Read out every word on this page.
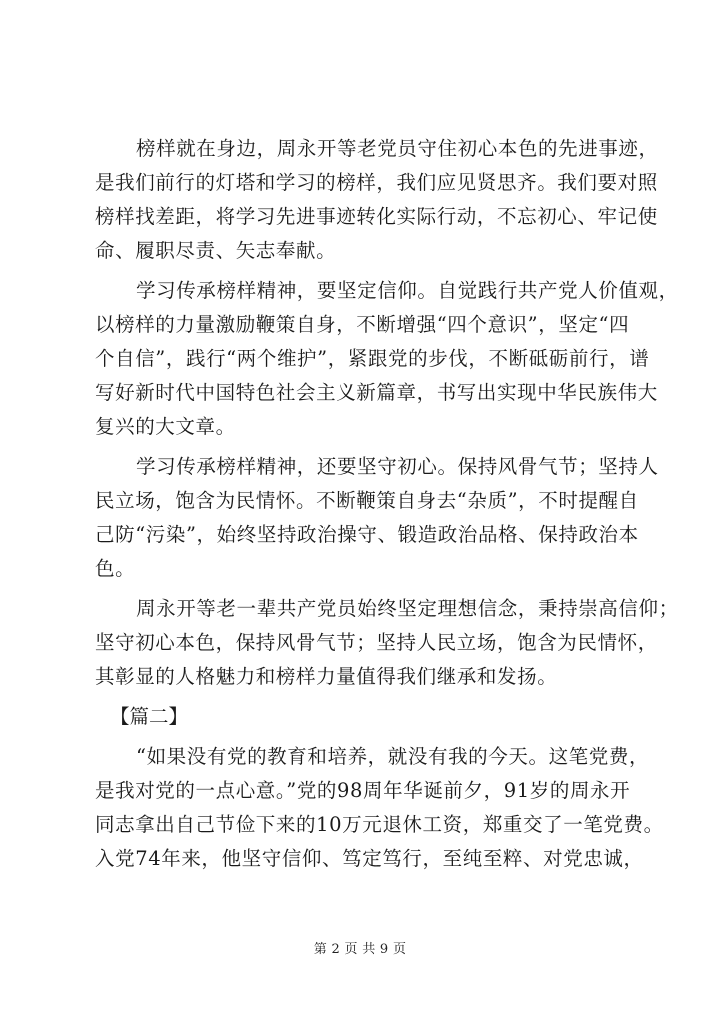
榜样就在身边，周永开等老党员守住初心本色的先进事迹，
是我们前行的灯塔和学习的榜样，我们应见贤思齐。我们要对照
榜样找差距，将学习先进事迹转化实际行动，不忘初心、牢记使
命、履职尽责、矢志奉献。
学习传承榜样精神，要坚定信仰。自觉践行共产党人价值观，
以榜样的力量激励鞭策自身，不断增强“四个意识”，坚定“四
个自信”，践行“两个维护”，紧跟党的步伐，不断砥砺前行，谱
写好新时代中国特色社会主义新篇章，书写出实现中华民族伟大
复兴的大文章。
学习传承榜样精神，还要坚守初心。保持风骨气节；坚持人
民立场，饱含为民情怀。不断鞭策自身去“杂质”，不时提醒自
己防“污染”，始终坚持政治操守、锻造政治品格、保持政治本
色。
周永开等老一辈共产党员始终坚定理想信念，秉持崇高信仰；
坚守初心本色，保持风骨气节；坚持人民立场，饱含为民情怀，
其彰显的人格魅力和榜样力量值得我们继承和发扬。
【篇二】
“如果没有党的教育和培养，就没有我的今天。这笔党费，
是我对党的一点心意。”党的98周年华诞前夕，91岁的周永开
同志拿出自己节俭下来的10万元退休工资，郑重交了一笔党费。
入党74年来，他坚守信仰、笃定笃行，至纯至粹、对党忠诚，
第 2 页 共 9 页
